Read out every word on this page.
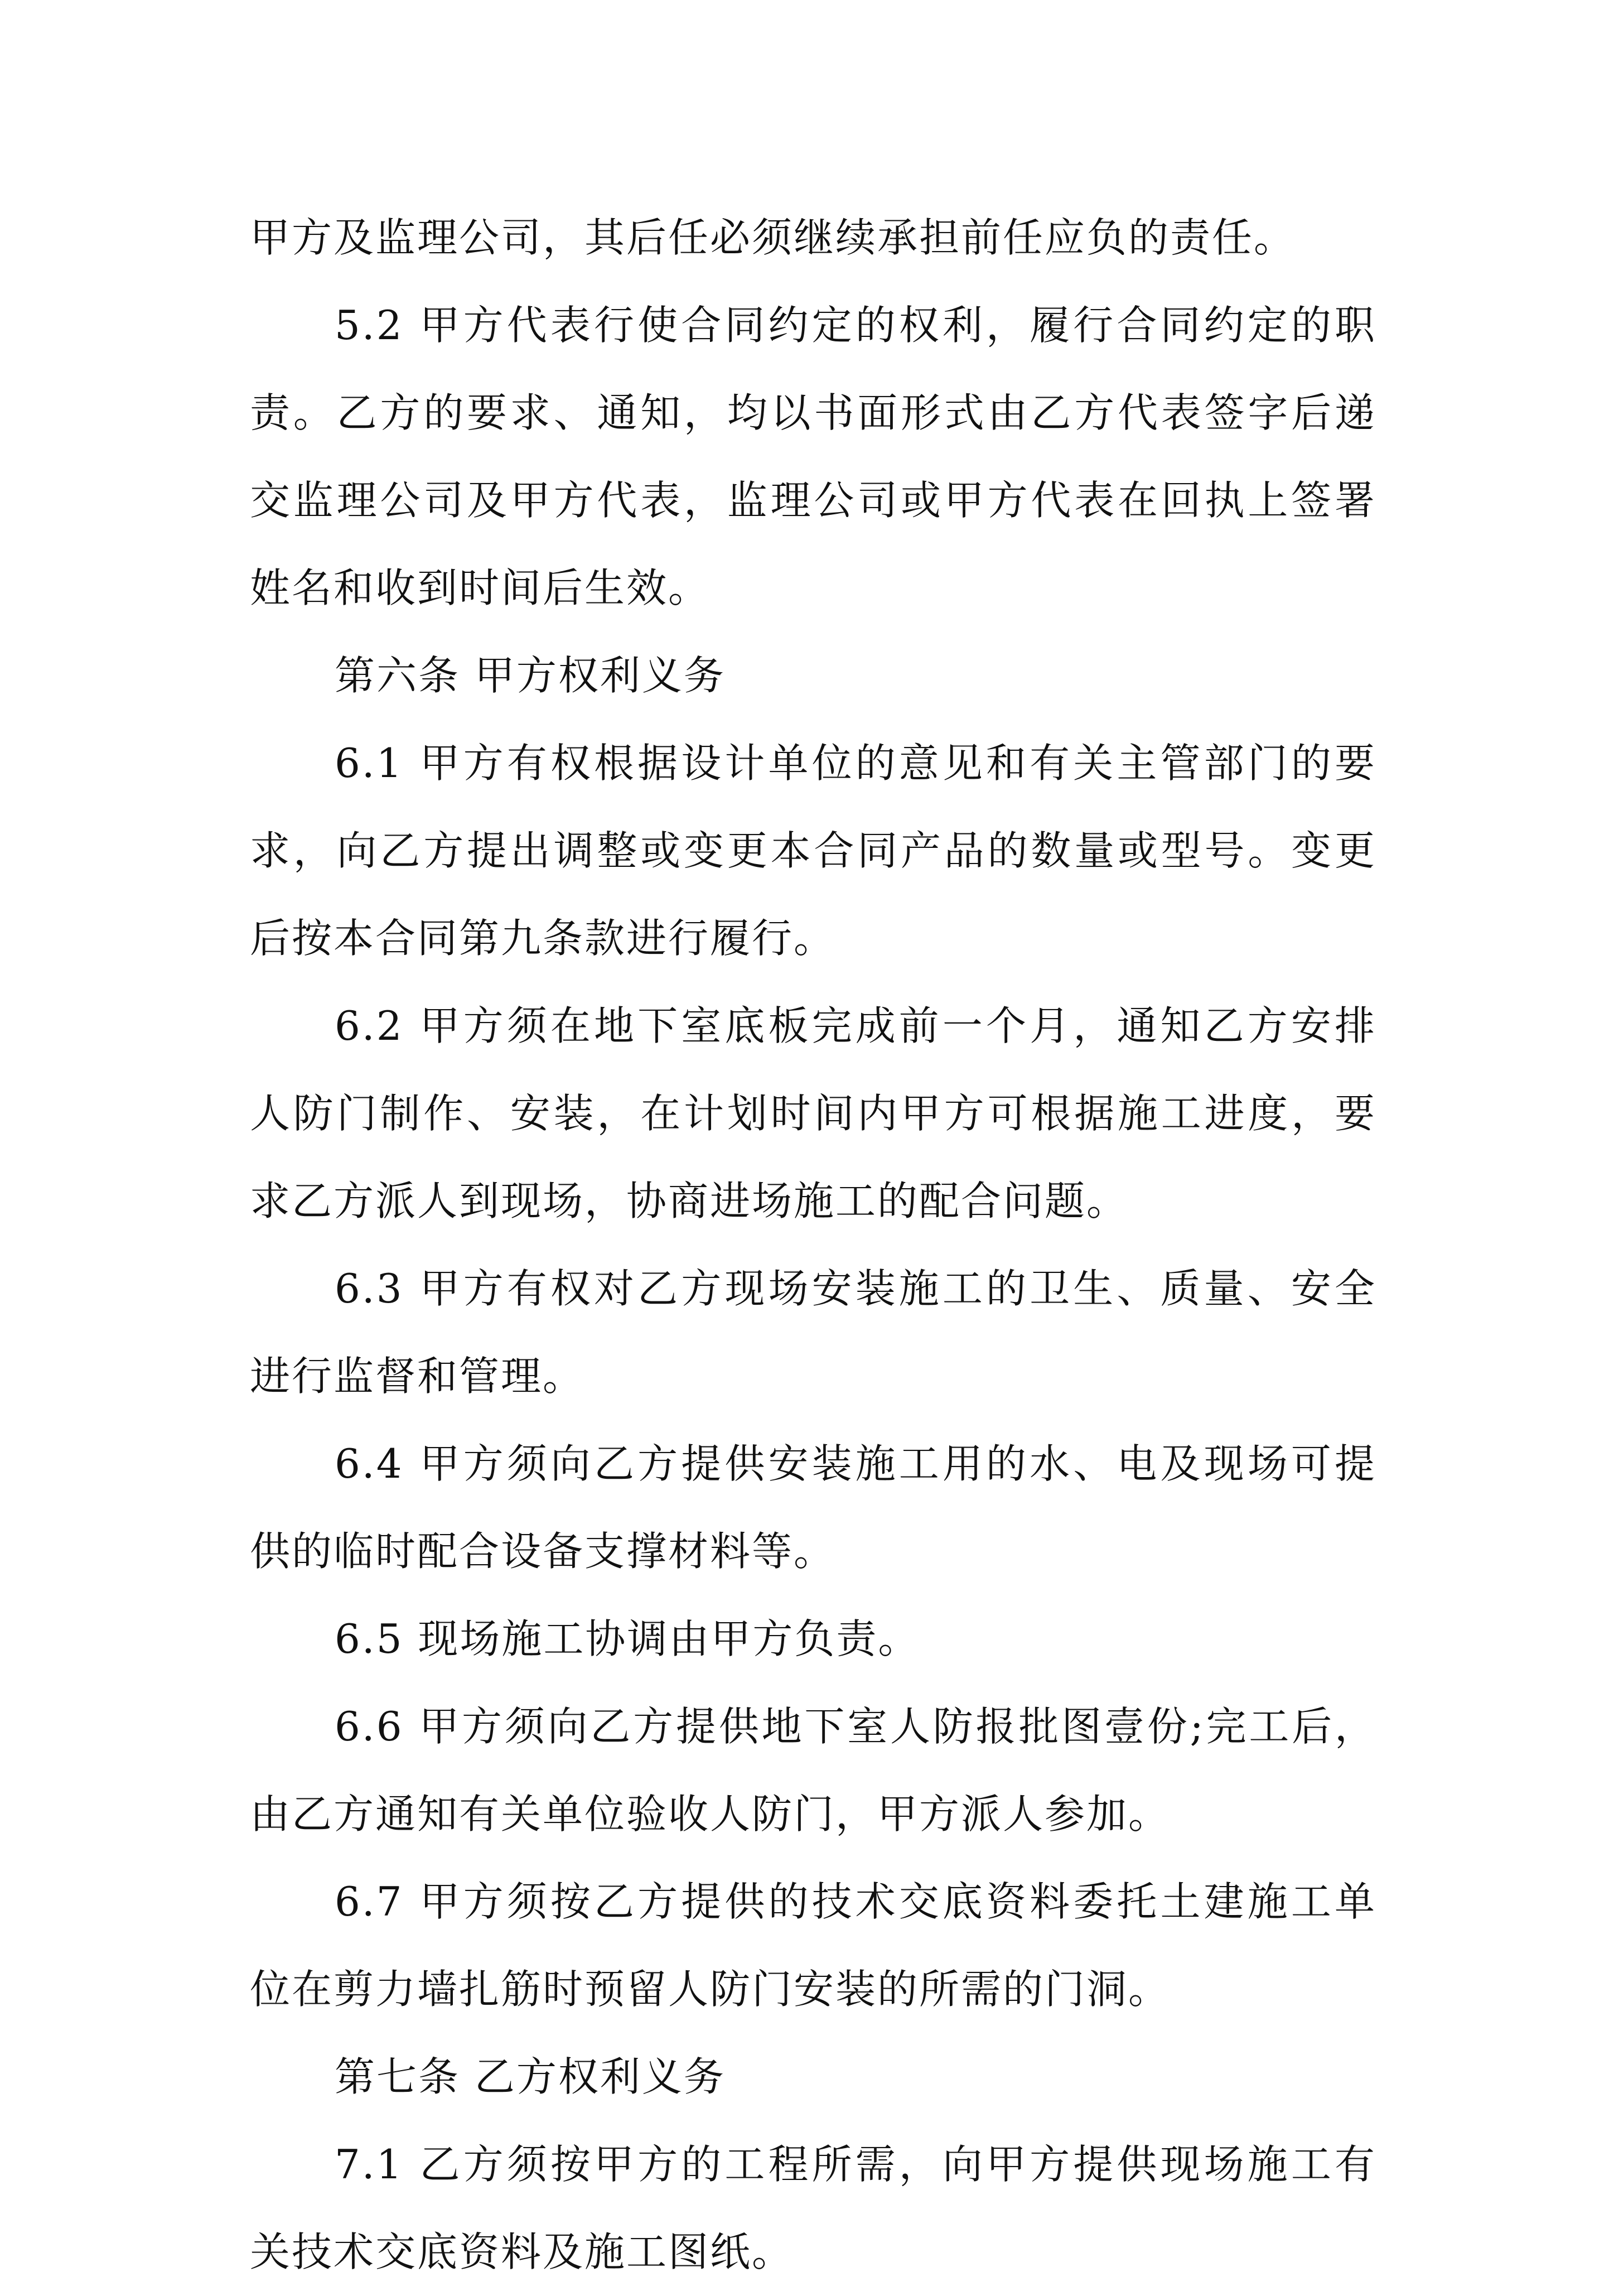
甲方及监理公司，其后任必须继续承担前任应负的责任。

5.2 甲方代表行使合同约定的权利，履行合同约定的职责。乙方的要求、通知，均以书面形式由乙方代表签字后递交监理公司及甲方代表，监理公司或甲方代表在回执上签署姓名和收到时间后生效。

第六条 甲方权利义务

6.1 甲方有权根据设计单位的意见和有关主管部门的要求，向乙方提出调整或变更本合同产品的数量或型号。变更后按本合同第九条款进行履行。

6.2 甲方须在地下室底板完成前一个月，通知乙方安排人防门制作、安装，在计划时间内甲方可根据施工进度，要求乙方派人到现场，协商进场施工的配合问题。

6.3 甲方有权对乙方现场安装施工的卫生、质量、安全进行监督和管理。

6.4 甲方须向乙方提供安装施工用的水、电及现场可提供的临时配合设备支撑材料等。

6.5 现场施工协调由甲方负责。

6.6 甲方须向乙方提供地下室人防报批图壹份;完工后，由乙方通知有关单位验收人防门，甲方派人参加。

6.7 甲方须按乙方提供的技术交底资料委托土建施工单位在剪力墙扎筋时预留人防门安装的所需的门洞。

第七条 乙方权利义务

7.1 乙方须按甲方的工程所需，向甲方提供现场施工有关技术交底资料及施工图纸。
